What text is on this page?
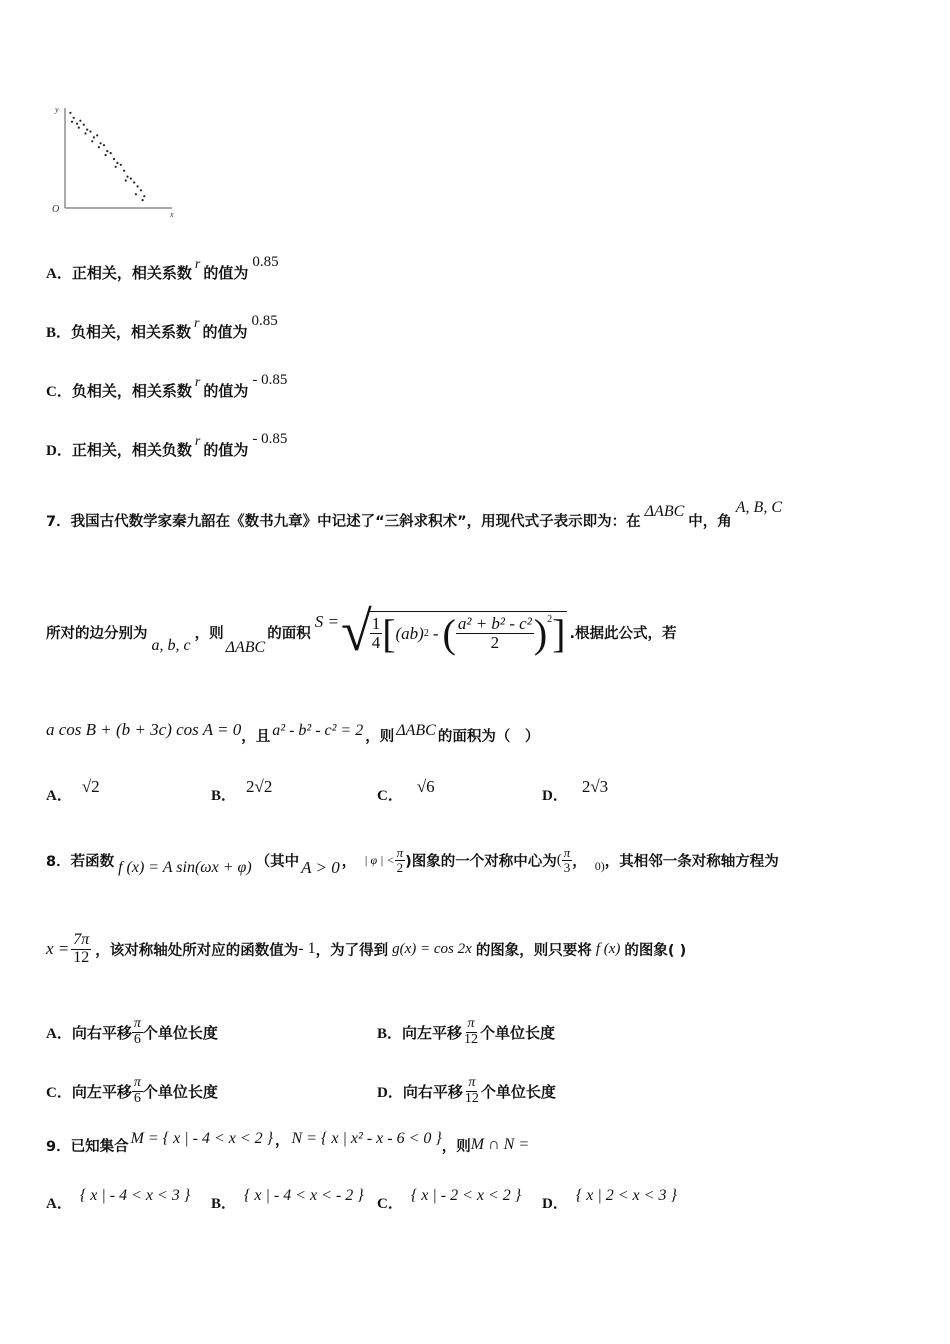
y
x
O
A．正相关，相关系数 r 的值为0.85
B．负相关，相关系数 r 的值为0.85
C．负相关，相关系数 r 的值为- 0.85
D．正相关，相关负数 r 的值为- 0.85
7．我国古代数学家秦九韶在《数书九章》中记述了“三斜求积术”，用现代式子表示即为：在ΔABC中，角A, B, C
所对的边分别为
a, b, c
，则
ΔABC
的面积
S = √
$\frac{1}{4}$ [ (ab) 2 - ( $\frac{\text{a² + b² - c²}}{2} )^2$ ] .根据此公式，若
a cos B + (b + 3c) cos A = 0，且 a² - b² - c² = 2 ，则 ΔABC 的面积为（　）
A． √2	B． 2√2	C． √6	D． 2√3
8．若函数 f (x) = A sin(ωx + φ) （其中 A > 0 ， | φ | < $\frac{\pi}{2}$ )图象的一个对称中心为 ( $\frac{\pi}{3}$ ， 0) ，其相邻一条对称轴方程为
$x = \frac{7\pi}{12}$ ，该对称轴处所对应的函数值为 - 1 ，为了得到 g(x) = cos 2x 的图象，则只要将 f (x) 的图象( )
A． 向右平移 $\frac{\pi}{6}$ 个单位长度	B． 向左平移 $\frac{\pi}{12}$ 个单位长度
C． 向左平移 $\frac{\pi}{6}$ 个单位长度	D． 向右平移 $\frac{\pi}{12}$ 个单位长度
9．已知集合 M = { x | - 4 < x < 2 } ， N = { x | x² - x - 6 < 0 } ，则 M ∩ N =
A． { x | - 4 < x < 3 } B． { x | - 4 < x < - 2 } C． { x | - 2 < x < 2 } D． { x | 2 < x < 3 }
